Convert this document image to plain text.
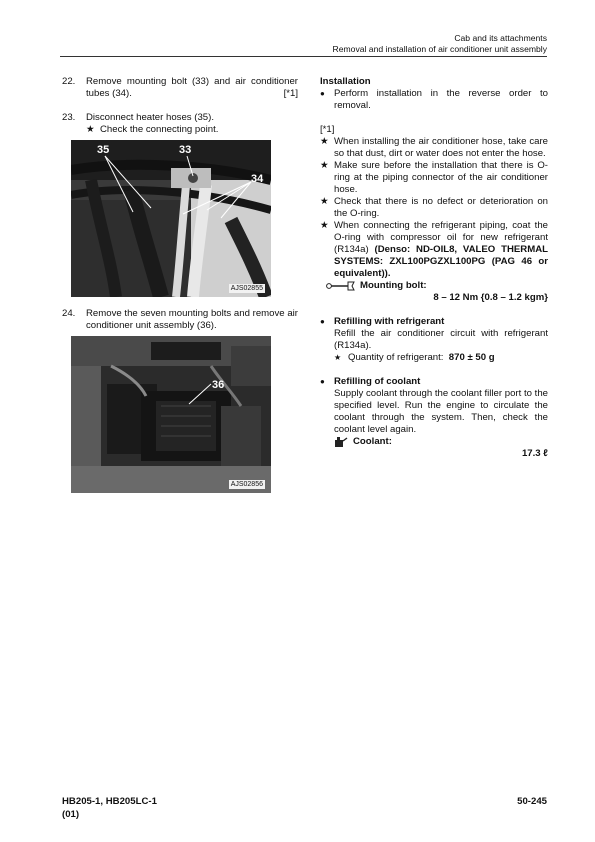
Cab and its attachments
Removal and installation of air conditioner unit assembly
22.	Remove mounting bolt (33) and air conditioner tubes (34).	[*1]
23.	Disconnect heater hoses (35).
★ Check the connecting point.
35	33
34
AJS02855
24.	Remove the seven mounting bolts and remove air conditioner unit assembly (36).
36
AJS02856
Installation
● Perform installation in the reverse order to removal.
[*1]
★ When installing the air conditioner hose, take care so that dust, dirt or water does not enter the hose.
★ Make sure before the installation that there is O-ring at the piping connector of the air conditioner hose.
★ Check that there is no defect or deterioration on the O-ring.
★ When connecting the refrigerant piping, coat the O-ring with compressor oil for new refrigerant (R134a) (Denso: ND-OIL8, VALEO THERMAL SYSTEMS: ZXL100PGZXL100PG (PAG 46 or equivalent)).
Mounting bolt:
8 – 12 Nm {0.8 – 1.2 kgm}
● Refilling with refrigerant
Refill the air conditioner circuit with refrigerant (R134a).
★ Quantity of refrigerant: 870 ± 50 g
● Refilling of coolant
Supply coolant through the coolant filler port to the specified level. Run the engine to circulate the coolant through the system. Then, check the coolant level again.
Coolant:
17.3 ℓ
HB205-1, HB205LC-1
(01)
50-245
